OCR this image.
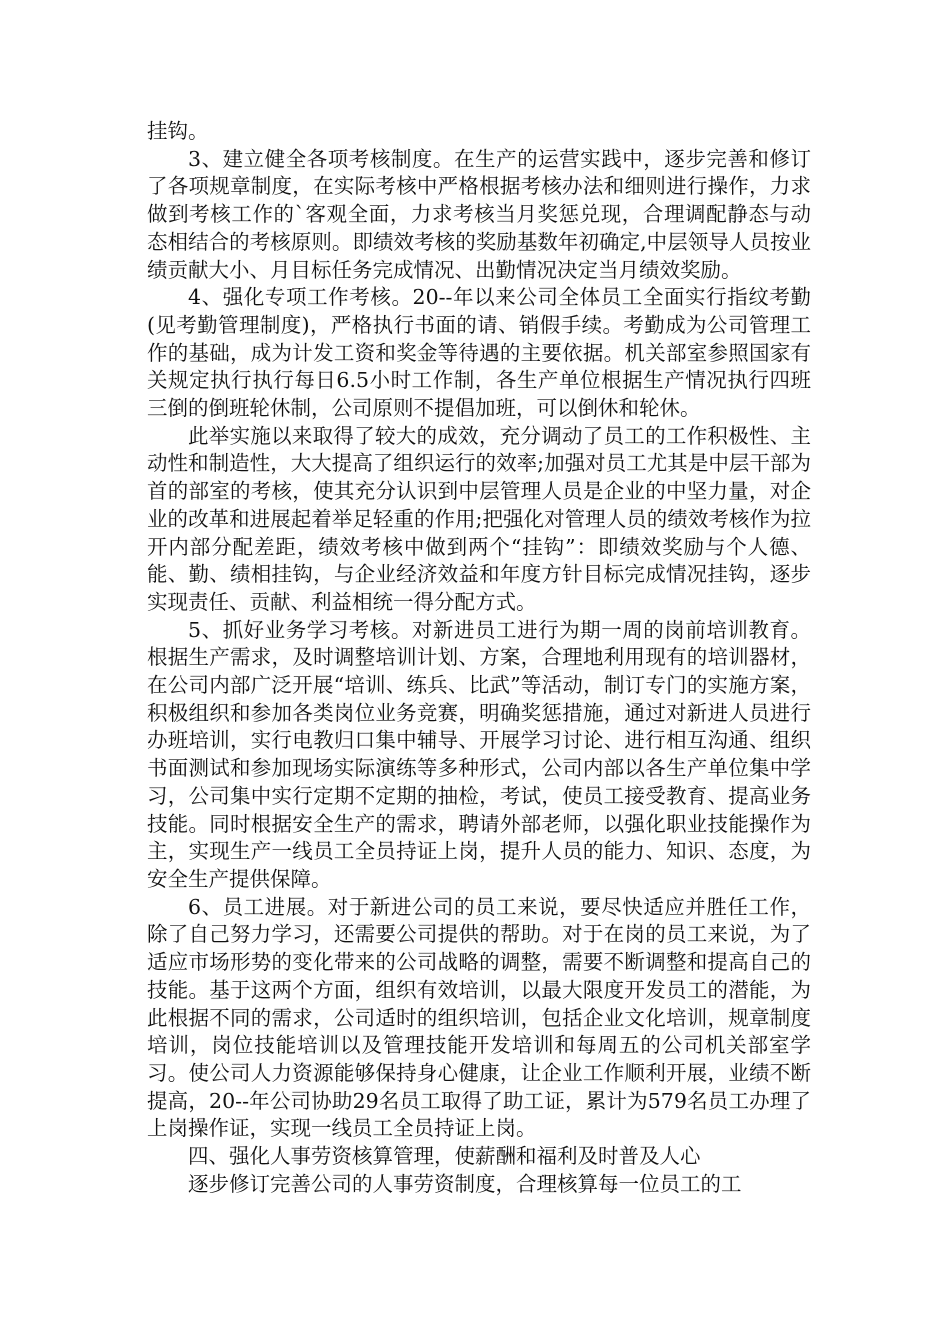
挂钩。

3、建立健全各项考核制度。在生产的运营实践中，逐步完善和修订了各项规章制度，在实际考核中严格根据考核办法和细则进行操作，力求做到考核工作的`客观全面，力求考核当月奖惩兑现，合理调配静态与动态相结合的考核原则。即绩效考核的奖励基数年初确定,中层领导人员按业绩贡献大小、月目标任务完成情况、出勤情况决定当月绩效奖励。

4、强化专项工作考核。20--年以来公司全体员工全面实行指纹考勤(见考勤管理制度)，严格执行书面的请、销假手续。考勤成为公司管理工作的基础，成为计发工资和奖金等待遇的主要依据。机关部室参照国家有关规定执行执行每日6.5小时工作制，各生产单位根据生产情况执行四班三倒的倒班轮休制，公司原则不提倡加班，可以倒休和轮休。

此举实施以来取得了较大的成效，充分调动了员工的工作积极性、主动性和制造性，大大提高了组织运行的效率;加强对员工尤其是中层干部为首的部室的考核，使其充分认识到中层管理人员是企业的中坚力量，对企业的改革和进展起着举足轻重的作用;把强化对管理人员的绩效考核作为拉开内部分配差距，绩效考核中做到两个“挂钩”：即绩效奖励与个人德、能、勤、绩相挂钩，与企业经济效益和年度方针目标完成情况挂钩，逐步实现责任、贡献、利益相统一得分配方式。

5、抓好业务学习考核。对新进员工进行为期一周的岗前培训教育。根据生产需求，及时调整培训计划、方案，合理地利用现有的培训器材，在公司内部广泛开展“培训、练兵、比武”等活动，制订专门的实施方案，积极组织和参加各类岗位业务竞赛，明确奖惩措施，通过对新进人员进行办班培训，实行电教归口集中辅导、开展学习讨论、进行相互沟通、组织书面测试和参加现场实际演练等多种形式，公司内部以各生产单位集中学习，公司集中实行定期不定期的抽检，考试，使员工接受教育、提高业务技能。同时根据安全生产的需求，聘请外部老师，以强化职业技能操作为主，实现生产一线员工全员持证上岗，提升人员的能力、知识、态度，为安全生产提供保障。

6、员工进展。对于新进公司的员工来说，要尽快适应并胜任工作，除了自己努力学习，还需要公司提供的帮助。对于在岗的员工来说，为了适应市场形势的变化带来的公司战略的调整，需要不断调整和提高自己的技能。基于这两个方面，组织有效培训，以最大限度开发员工的潜能，为此根据不同的需求，公司适时的组织培训，包括企业文化培训，规章制度培训，岗位技能培训以及管理技能开发培训和每周五的公司机关部室学习。使公司人力资源能够保持身心健康，让企业工作顺利开展，业绩不断提高，20--年公司协助29名员工取得了助工证，累计为579名员工办理了上岗操作证，实现一线员工全员持证上岗。

四、强化人事劳资核算管理，使薪酬和福利及时普及人心

逐步修订完善公司的人事劳资制度，合理核算每一位员工的工
